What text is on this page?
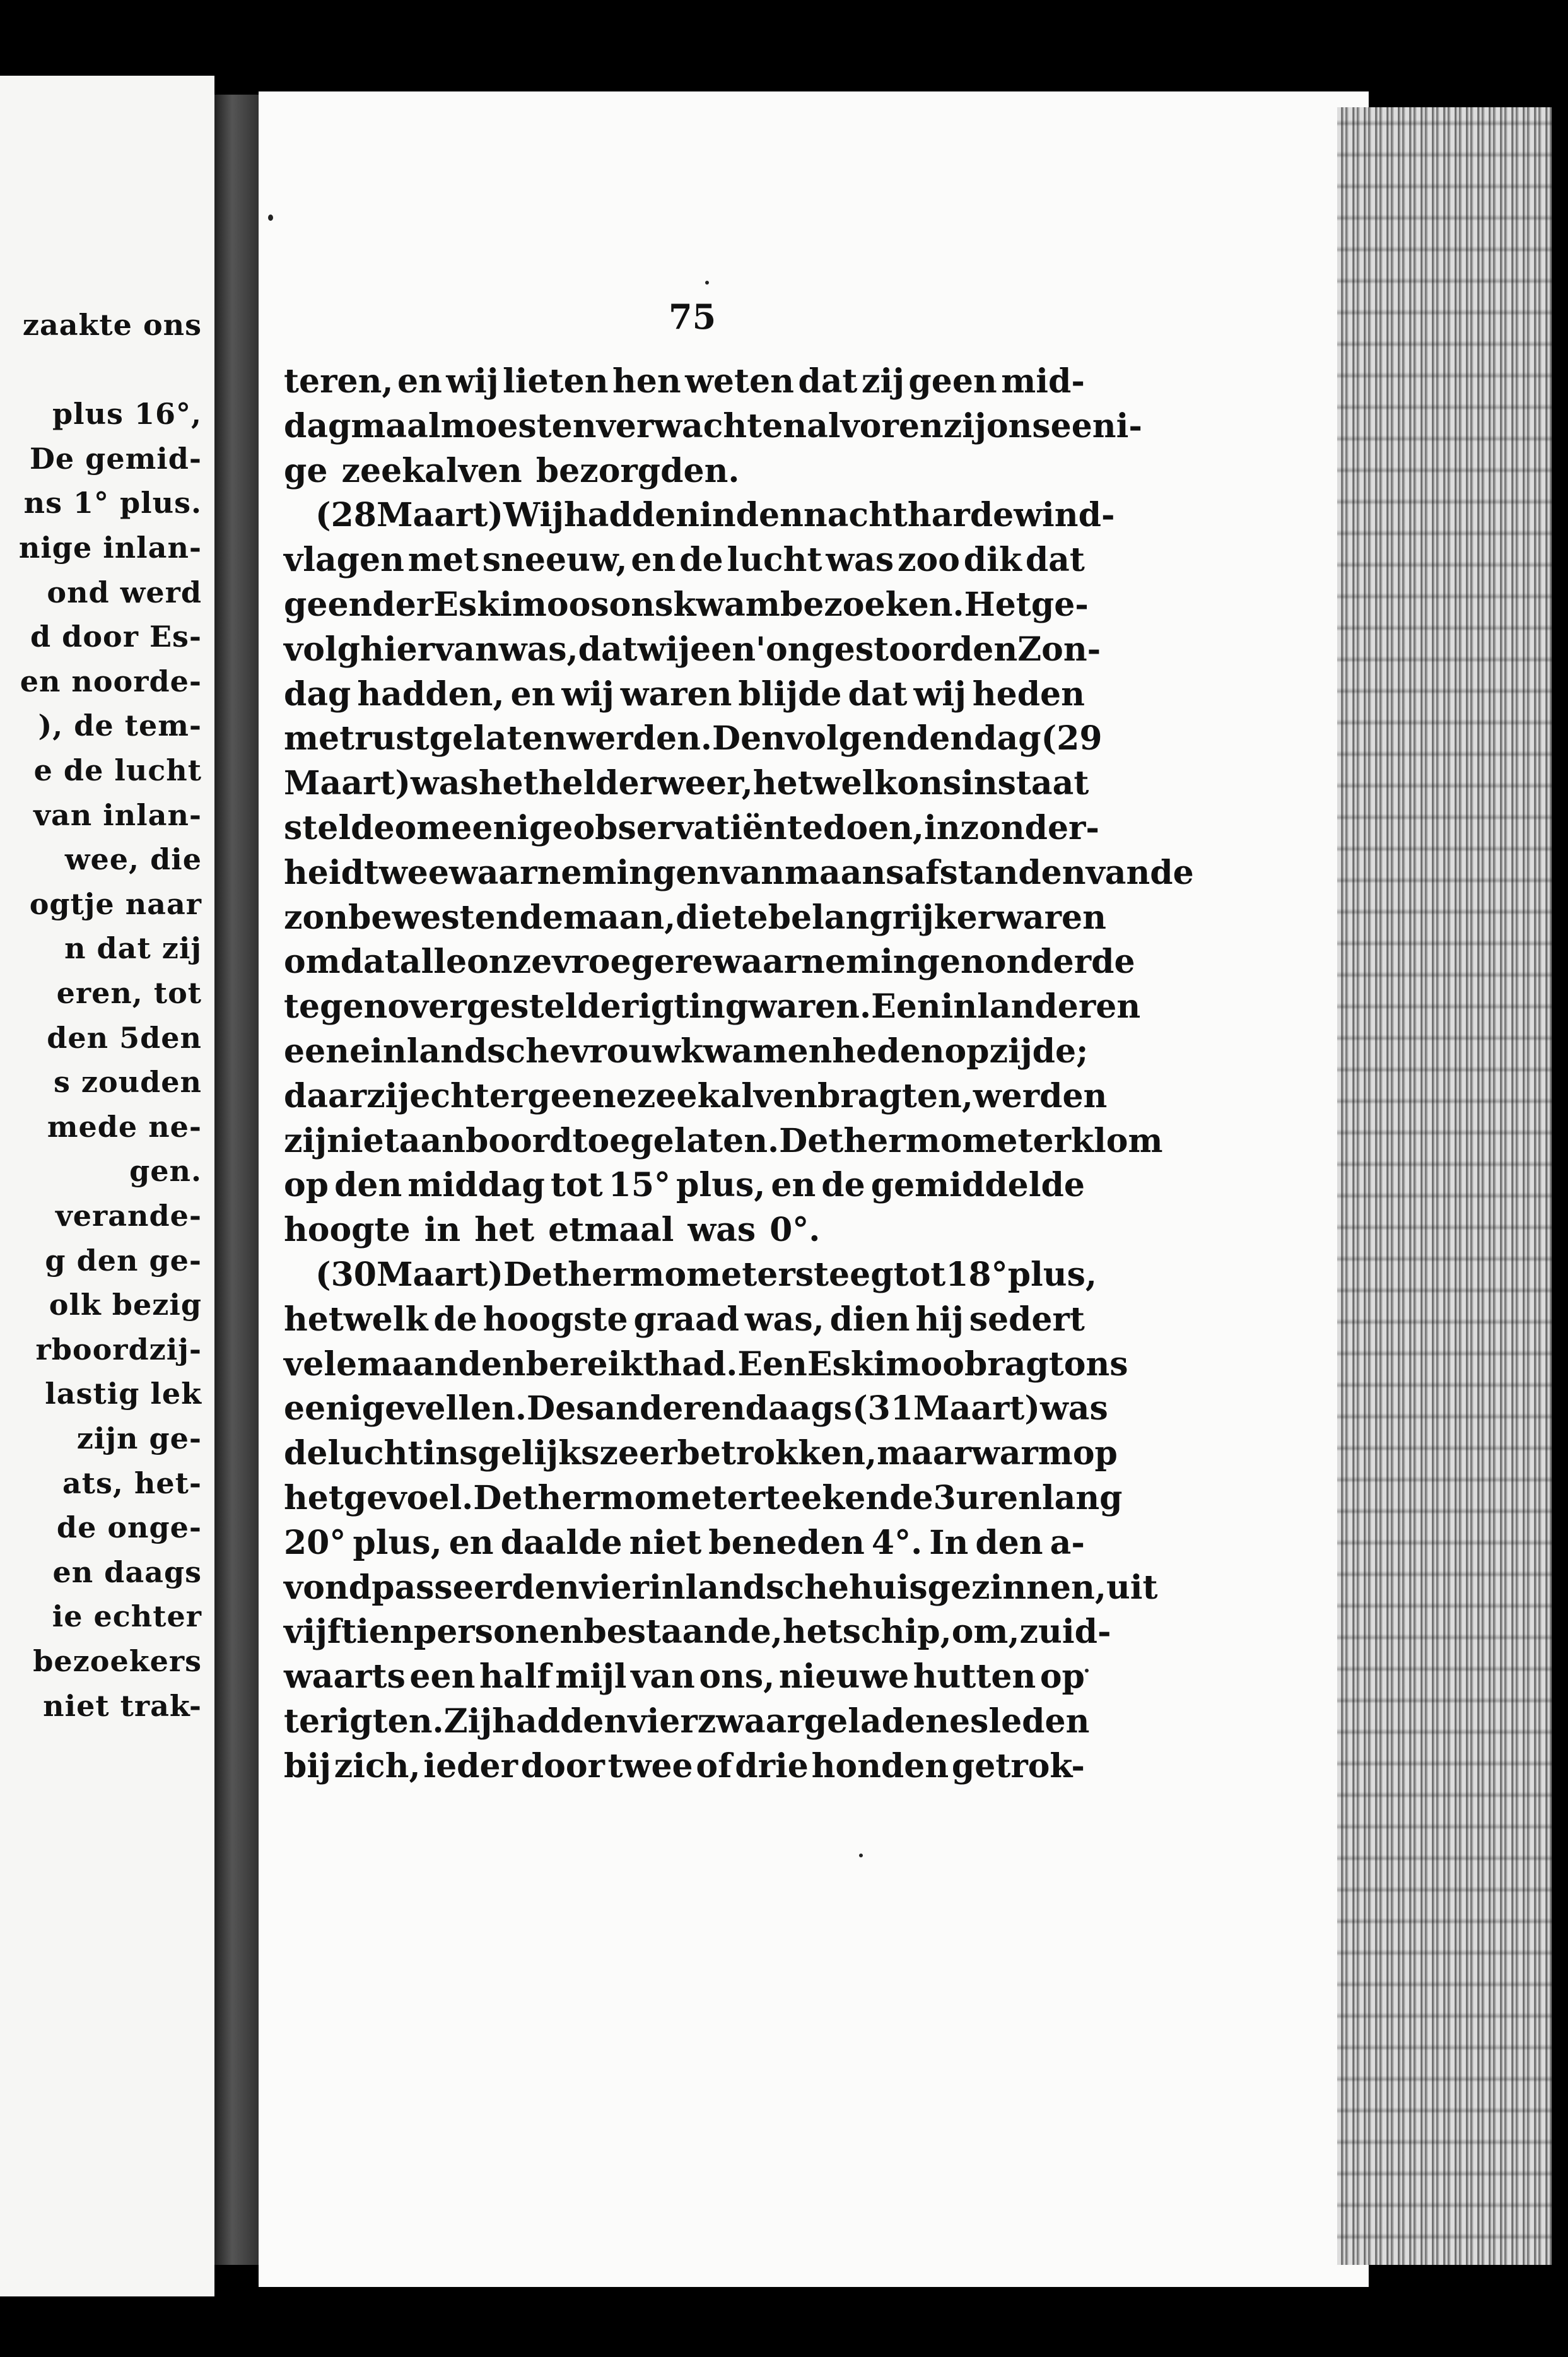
zaakte ons
plus 16°,
De gemid-
ns 1° plus.
nige inlan-
ond werd
d door Es-
en noorde-
), de tem-
e de lucht
van inlan-
wee, die
ogtje naar
n dat zij
eren, tot
den 5den
s zouden
mede ne-
gen.
verande-
g den ge-
olk bezig
rboordzij-
lastig lek
zijn ge-
ats, het-
de onge-
en daags
ie echter
bezoekers
niet trak-
75
teren, en wij lieten hen weten dat zij geen mid-
dagmaal moesten verwachten alvoren zij ons eeni-
ge zeekalven bezorgden.
(28 Maart) Wij hadden in den nacht harde wind-
vlagen met sneeuw, en de lucht was zoo dik dat
geen der Eskimoos ons kwam bezoeken. Het ge-
volg hiervan was, dat wij een' ongestoorden Zon-
dag hadden, en wij waren blijde dat wij heden
met rust gelaten werden. Den volgenden dag (29
Maart) was het helder weer, hetwelk ons in staat
stelde om eenige observatiën te doen, inzonder-
heid twee waarnemingen van maansafstanden van de
zon bewesten de maan, die te belangrijker waren
omdat alle onze vroegere waarnemingen onder de
tegenovergestelde rigting waren. Een inlander en
eene inlandsche vrouw kwamen heden op zijde;
daar zij echter geene zeekalven bragten, werden
zij niet aan boord toegelaten. De thermometer klom
op den middag tot 15° plus, en de gemiddelde
hoogte in het etmaal was 0°.
(30 Maart) De thermometer steeg tot 18° plus,
hetwelk de hoogste graad was, dien hij sedert
vele maanden bereikt had. Een Eskimoo bragt ons
eenige vellen. Des anderen daags (31 Maart) was
de lucht insgelijks zeer betrokken, maar warm op
het gevoel. De thermometer teekende 3 uren lang
20° plus, en daalde niet beneden 4°. In den a-
vond passeerden vier inlandsche huisgezinnen, uit
vijftien personen bestaande, het schip, om, zuid-
waarts een half mijl van ons, nieuwe hutten op
te rigten. Zij hadden vier zwaar geladene sleden
bij zich, ieder door twee of drie honden getrok-
